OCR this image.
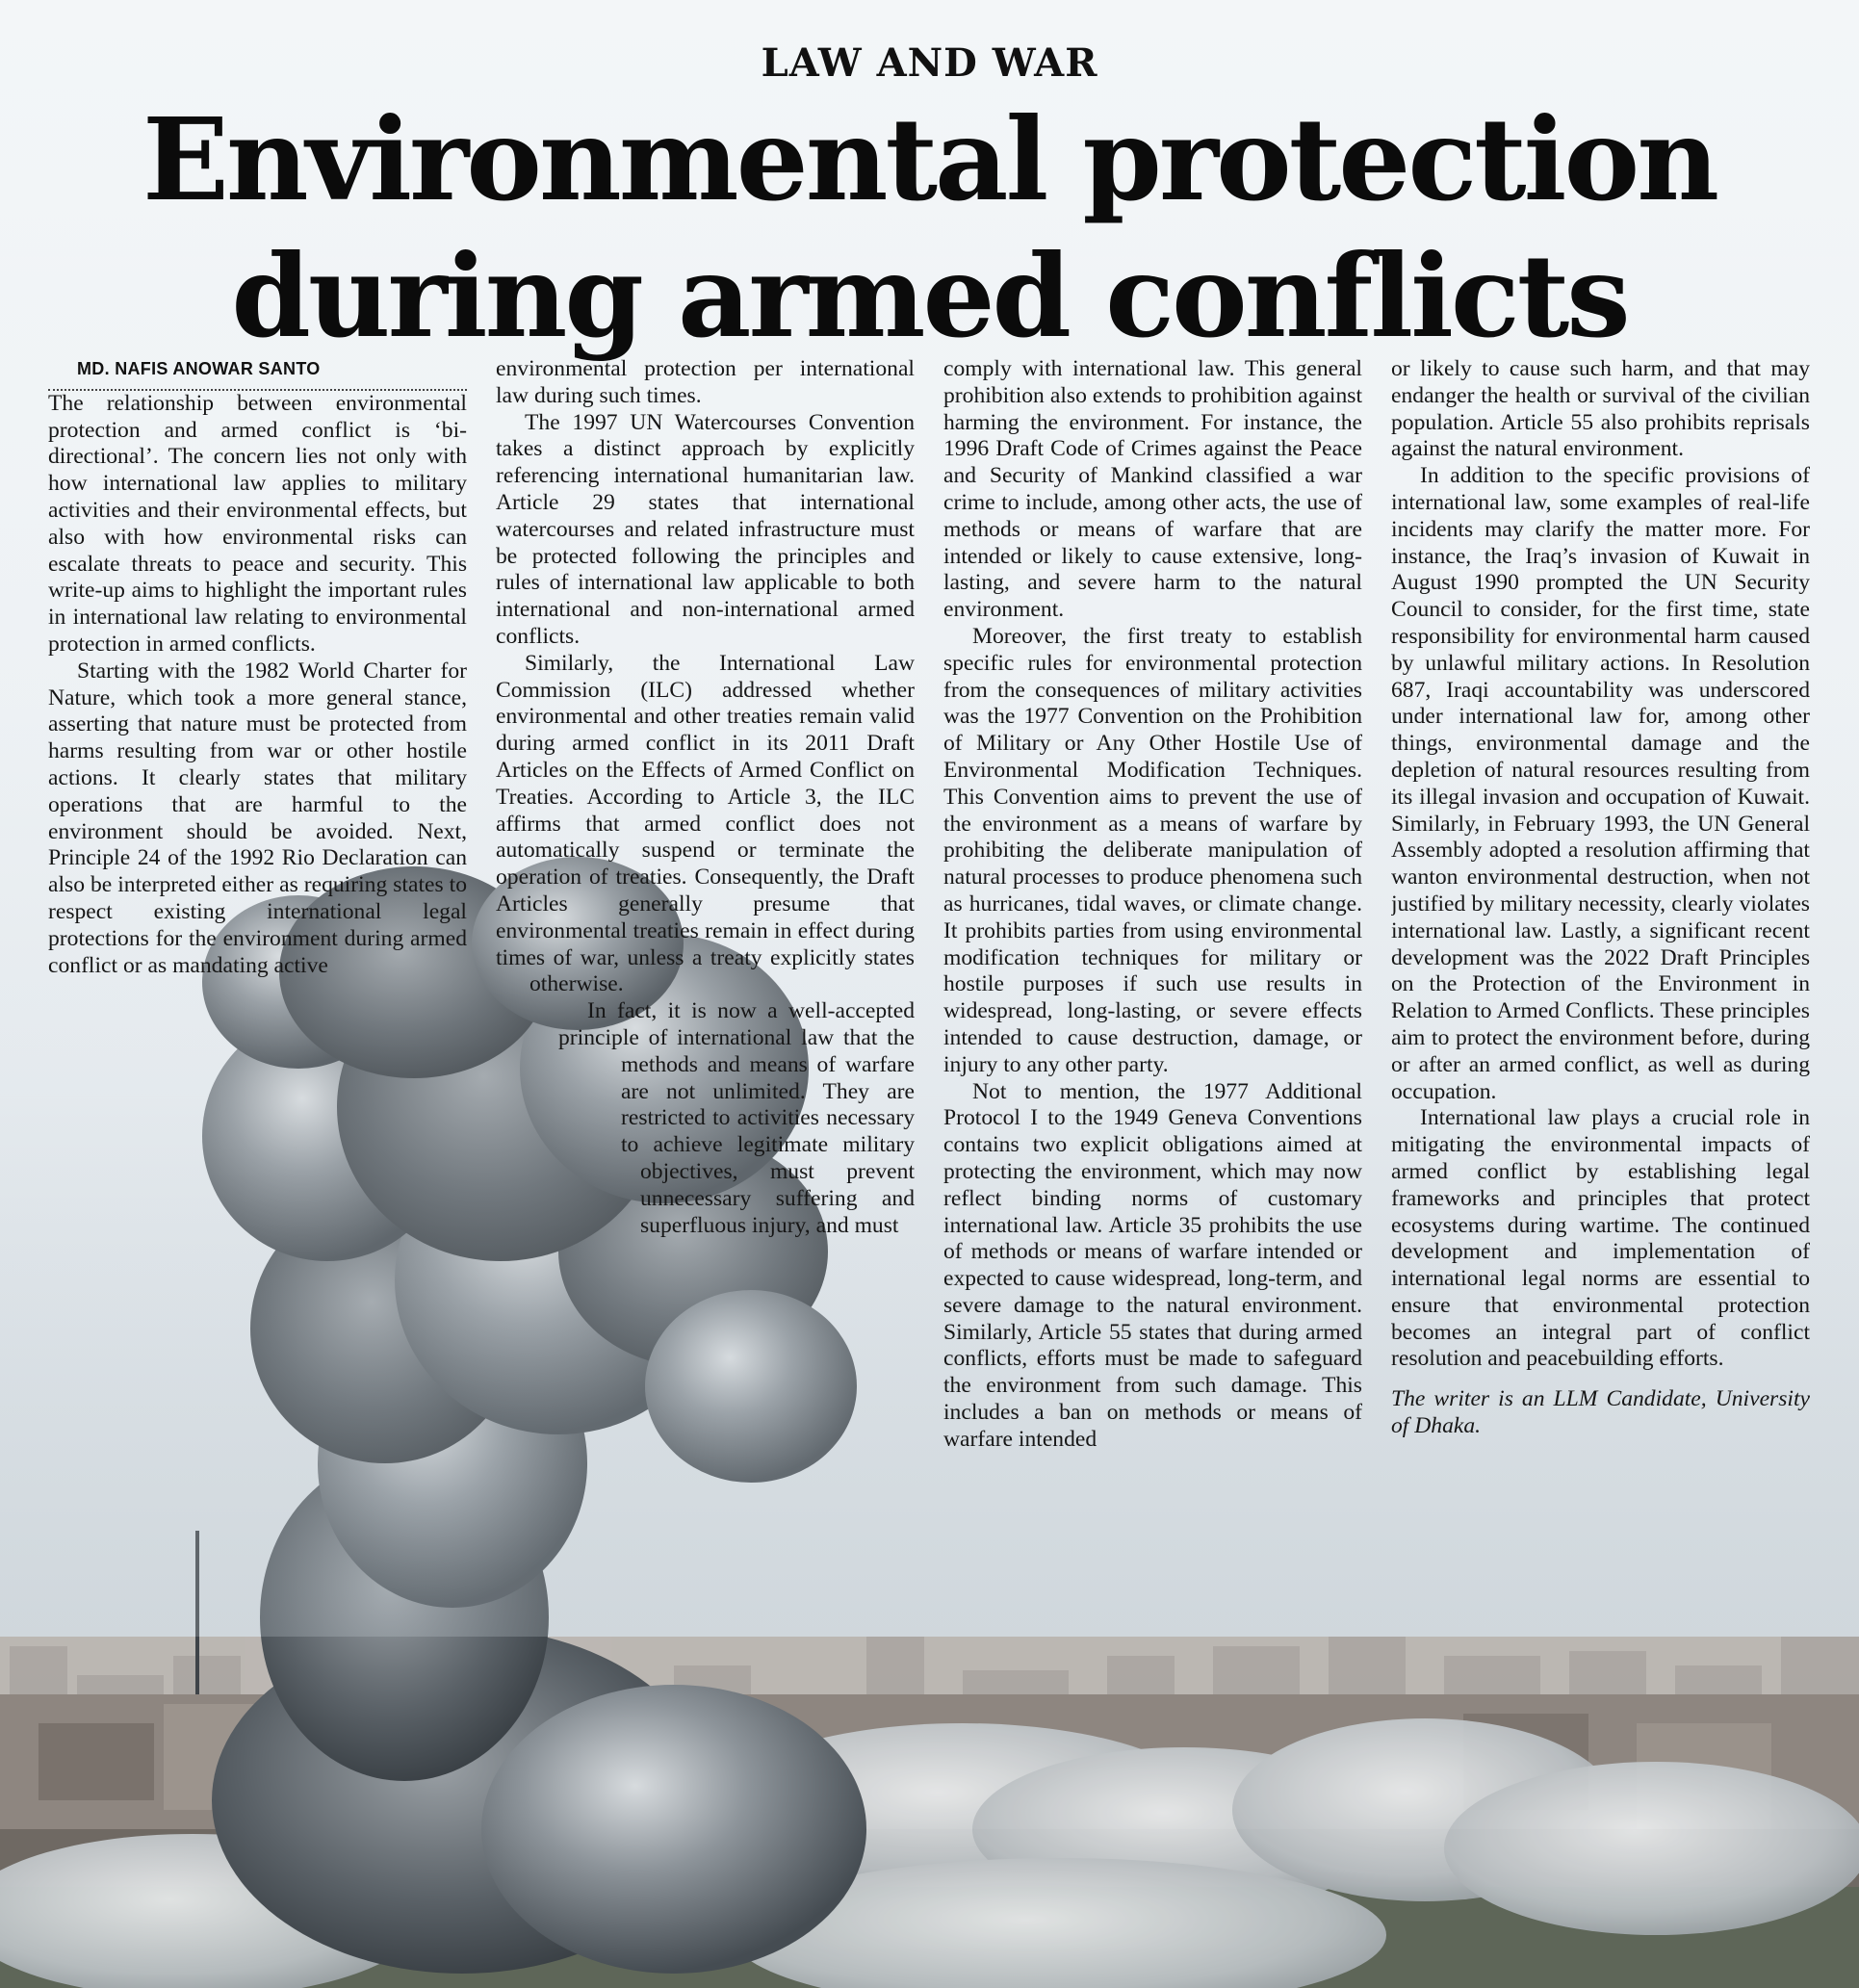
LAW AND WAR
Environmental protection
during armed conflicts

MD. NAFIS ANOWAR SANTO

The relationship between environmental protection and armed conflict is ‘bi-directional’. The concern lies not only with how international law applies to military activities and their environmental effects, but also with how environmental risks can escalate threats to peace and security. This write-up aims to highlight the important rules in international law relating to environmental protection in armed conflicts.

Starting with the 1982 World Charter for Nature, which took a more general stance, asserting that nature must be protected from harms resulting from war or other hostile actions. It clearly states that military operations that are harmful to the environment should be avoided. Next, Principle 24 of the 1992 Rio Declaration can also be interpreted either as requiring states to respect existing international legal protections for the environment during armed conflict or as mandating active

environmental protection per international law during such times.

The 1997 UN Watercourses Convention takes a distinct approach by explicitly referencing international humanitarian law. Article 29 states that international watercourses and related infrastructure must be protected following the principles and rules of international law applicable to both international and non-international armed conflicts.

Similarly, the International Law Commission (ILC) addressed whether environmental and other treaties remain valid during armed conflict in its 2011 Draft Articles on the Effects of Armed Conflict on Treaties. According to Article 3, the ILC affirms that armed conflict does not automatically suspend or terminate the operation of treaties. Consequently, the Draft Articles generally presume that environmental treaties remain in effect during times of war, unless a treaty explicitly states otherwise.

In fact, it is now a well-accepted principle of international law that the methods and means of warfare are not unlimited. They are restricted to activities necessary to achieve legitimate military objectives, must prevent unnecessary suffering and superfluous injury, and must

comply with international law. This general prohibition also extends to prohibition against harming the environment. For instance, the 1996 Draft Code of Crimes against the Peace and Security of Mankind classified a war crime to include, among other acts, the use of methods or means of warfare that are intended or likely to cause extensive, long-lasting, and severe harm to the natural environment.

Moreover, the first treaty to establish specific rules for environmental protection from the consequences of military activities was the 1977 Convention on the Prohibition of Military or Any Other Hostile Use of Environmental Modification Techniques. This Convention aims to prevent the use of the environment as a means of warfare by prohibiting the deliberate manipulation of natural processes to produce phenomena such as hurricanes, tidal waves, or climate change. It prohibits parties from using environmental modification techniques for military or hostile purposes if such use results in widespread, long-lasting, or severe effects intended to cause destruction, damage, or injury to any other party.

Not to mention, the 1977 Additional Protocol I to the 1949 Geneva Conventions contains two explicit obligations aimed at protecting the environment, which may now reflect binding norms of customary international law. Article 35 prohibits the use of methods or means of warfare intended or expected to cause widespread, long-term, and severe damage to the natural environment. Similarly, Article 55 states that during armed conflicts, efforts must be made to safeguard the environment from such damage. This includes a ban on methods or means of warfare intended

or likely to cause such harm, and that may endanger the health or survival of the civilian population. Article 55 also prohibits reprisals against the natural environment.

In addition to the specific provisions of international law, some examples of real-life incidents may clarify the matter more. For instance, the Iraq’s invasion of Kuwait in August 1990 prompted the UN Security Council to consider, for the first time, state responsibility for environmental harm caused by unlawful military actions. In Resolution 687, Iraqi accountability was underscored under international law for, among other things, environmental damage and the depletion of natural resources resulting from its illegal invasion and occupation of Kuwait. Similarly, in February 1993, the UN General Assembly adopted a resolution affirming that wanton environmental destruction, when not justified by military necessity, clearly violates international law. Lastly, a significant recent development was the 2022 Draft Principles on the Protection of the Environment in Relation to Armed Conflicts. These principles aim to protect the environment before, during or after an armed conflict, as well as during occupation.

International law plays a crucial role in mitigating the environmental impacts of armed conflict by establishing legal frameworks and principles that protect ecosystems during wartime. The continued development and implementation of international legal norms are essential to ensure that environmental protection becomes an integral part of conflict resolution and peacebuilding efforts.

The writer is an LLM Candidate, University of Dhaka.
